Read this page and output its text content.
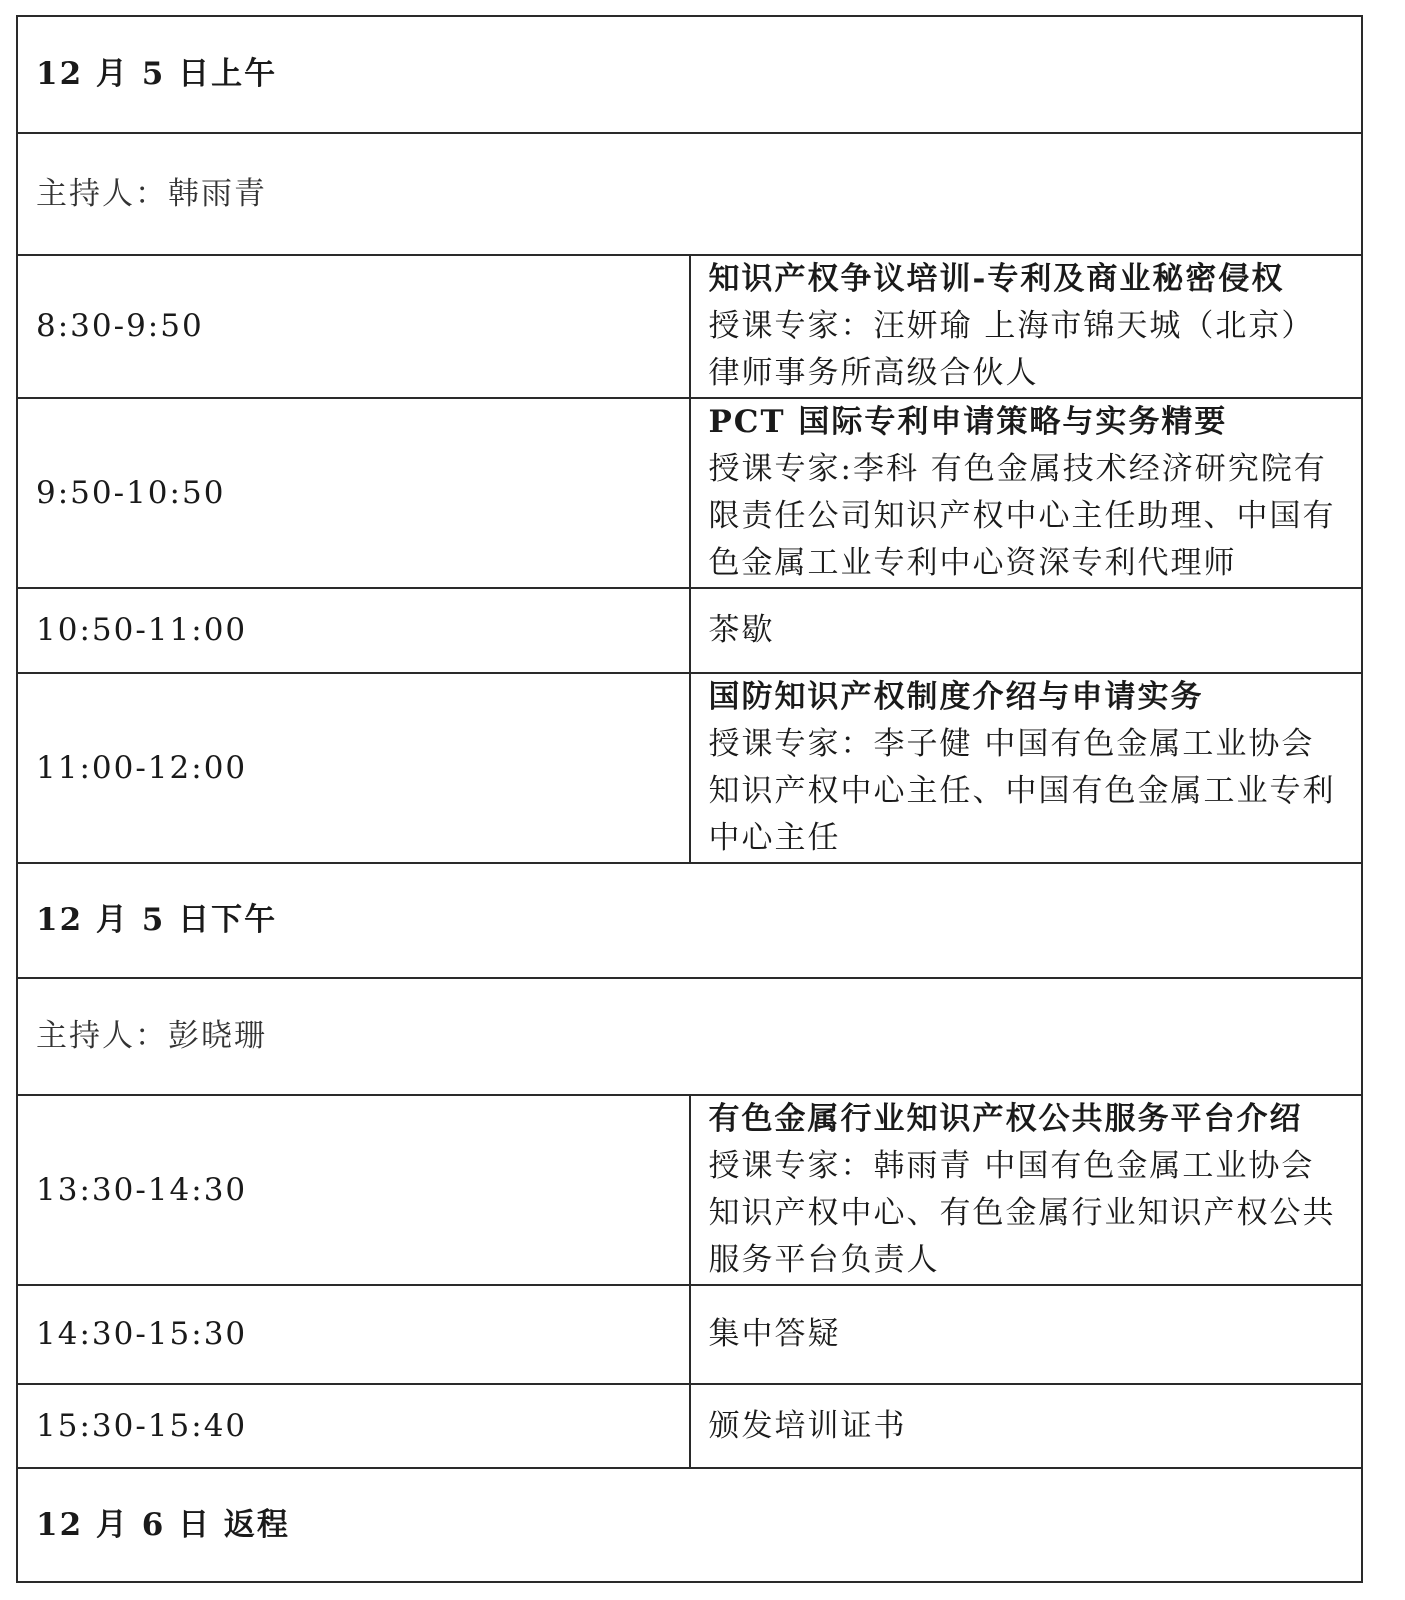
12 月 5 日上午	
主持人：韩雨青	
8:30-9:50	知识产权争议培训-专利及商业秘密侵权
授课专家：汪妍瑜 上海市锦天城（北京）律师事务所高级合伙人

9:50-10:50	PCT 国际专利申请策略与实务精要
授课专家:李科 有色金属技术经济研究院有限责任公司知识产权中心主任助理、中国有色金属工业专利中心资深专利代理师

10:50-11:00	茶歇
11:00-12:00	国防知识产权制度介绍与申请实务
授课专家：李子健 中国有色金属工业协会知识产权中心主任、中国有色金属工业专利中心主任

12 月 5 日下午	
主持人：彭晓珊	
13:30-14:30	有色金属行业知识产权公共服务平台介绍
授课专家：韩雨青 中国有色金属工业协会知识产权中心、有色金属行业知识产权公共服务平台负责人

14:30-15:30	集中答疑
15:30-15:40	颁发培训证书
12 月 6 日 返程	
